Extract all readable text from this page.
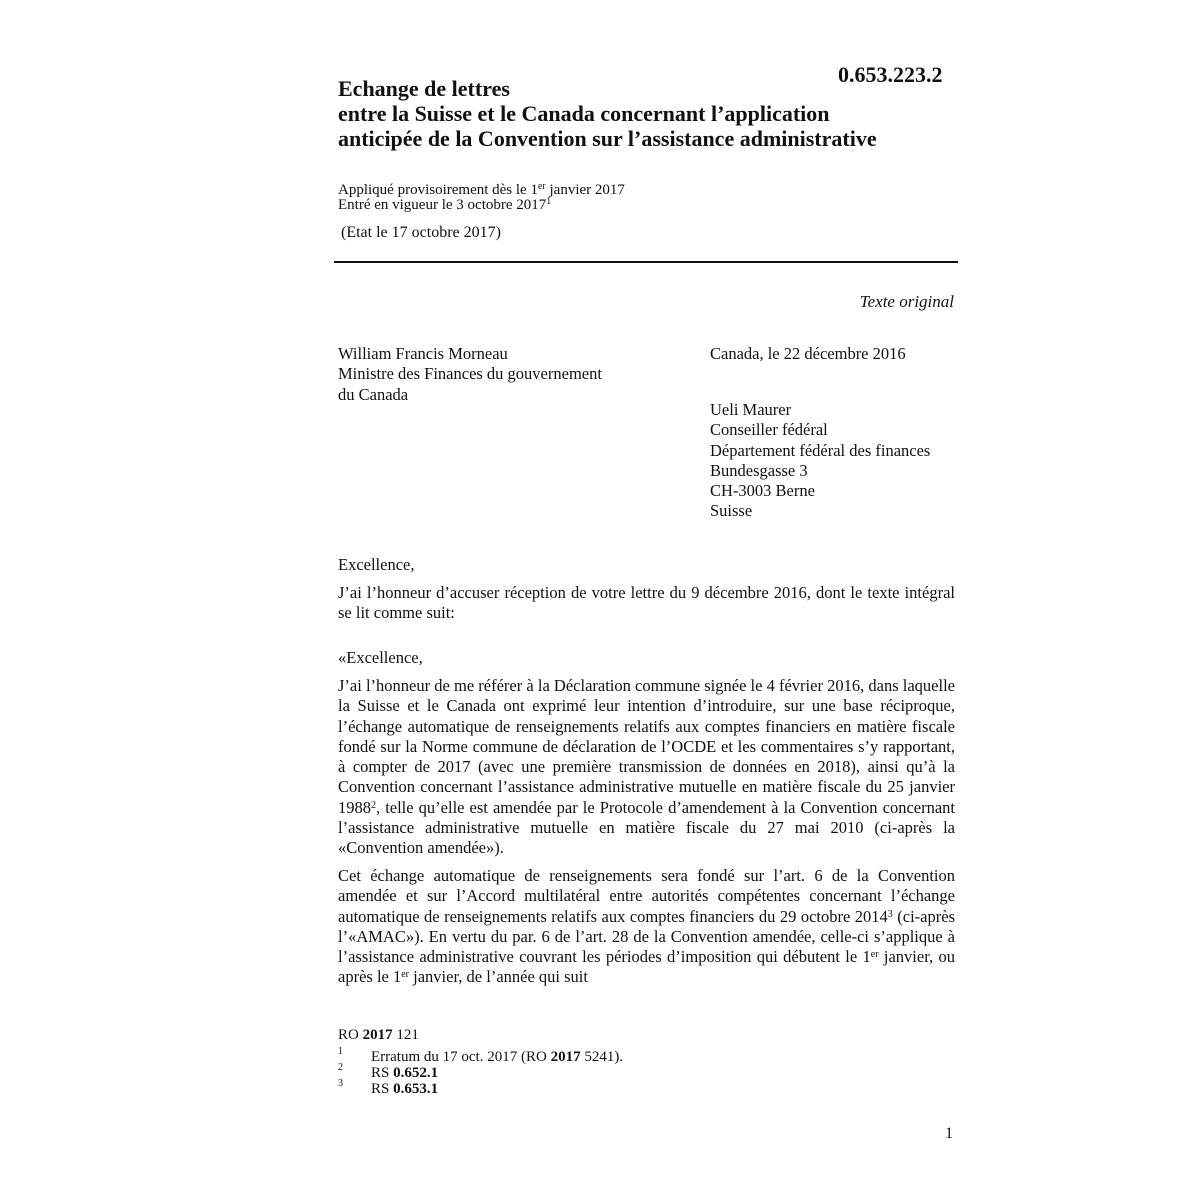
0.653.223.2
Echange de lettres
entre la Suisse et le Canada concernant l’application
anticipée de la Convention sur l’assistance administrative
Appliqué provisoirement dès le 1er janvier 2017
Entré en vigueur le 3 octobre 2017$^1$
(Etat le 17 octobre 2017)
Texte original
William Francis Morneau
Ministre des Finances du gouvernement
du Canada
Canada, le 22 décembre 2016
Ueli Maurer
Conseiller fédéral
Département fédéral des finances
Bundesgasse 3
CH-3003 Berne
Suisse
Excellence,
J’ai l’honneur d’accuser réception de votre lettre du 9 décembre 2016, dont le texte intégral se lit comme suit:
«Excellence,
J’ai l’honneur de me référer à la Déclaration commune signée le 4 février 2016, dans laquelle la Suisse et le Canada ont exprimé leur intention d’introduire, sur une base réciproque, l’échange automatique de renseignements relatifs aux comptes financiers en matière fiscale fondé sur la Norme commune de déclaration de l’OCDE et les commentaires s’y rapportant, à compter de 2017 (avec une première transmission de données en 2018), ainsi qu’à la Convention concernant l’assistance administrative mutuelle en matière fiscale du 25 janvier 1988$^2$, telle qu’elle est amendée par le Protocole d’amendement à la Convention concernant l’assistance administrative mutuelle en matière fiscale du 27 mai 2010 (ci-après la «Convention amendée»).
Cet échange automatique de renseignements sera fondé sur l’art. 6 de la Convention amendée et sur l’Accord multilatéral entre autorités compétentes concernant l’échange automatique de renseignements relatifs aux comptes financiers du 29 octobre 2014$^3$ (ci-après l’«AMAC»). En vertu du par. 6 de l’art. 28 de la Convention amendée, celle-ci s’applique à l’assistance administrative couvrant les périodes d’imposition qui débutent le 1er janvier, ou après le 1er janvier, de l’année qui suit
RO 2017 121
1 Erratum du 17 oct. 2017 (RO 2017 5241).
2 RS 0.652.1
3 RS 0.653.1
1
